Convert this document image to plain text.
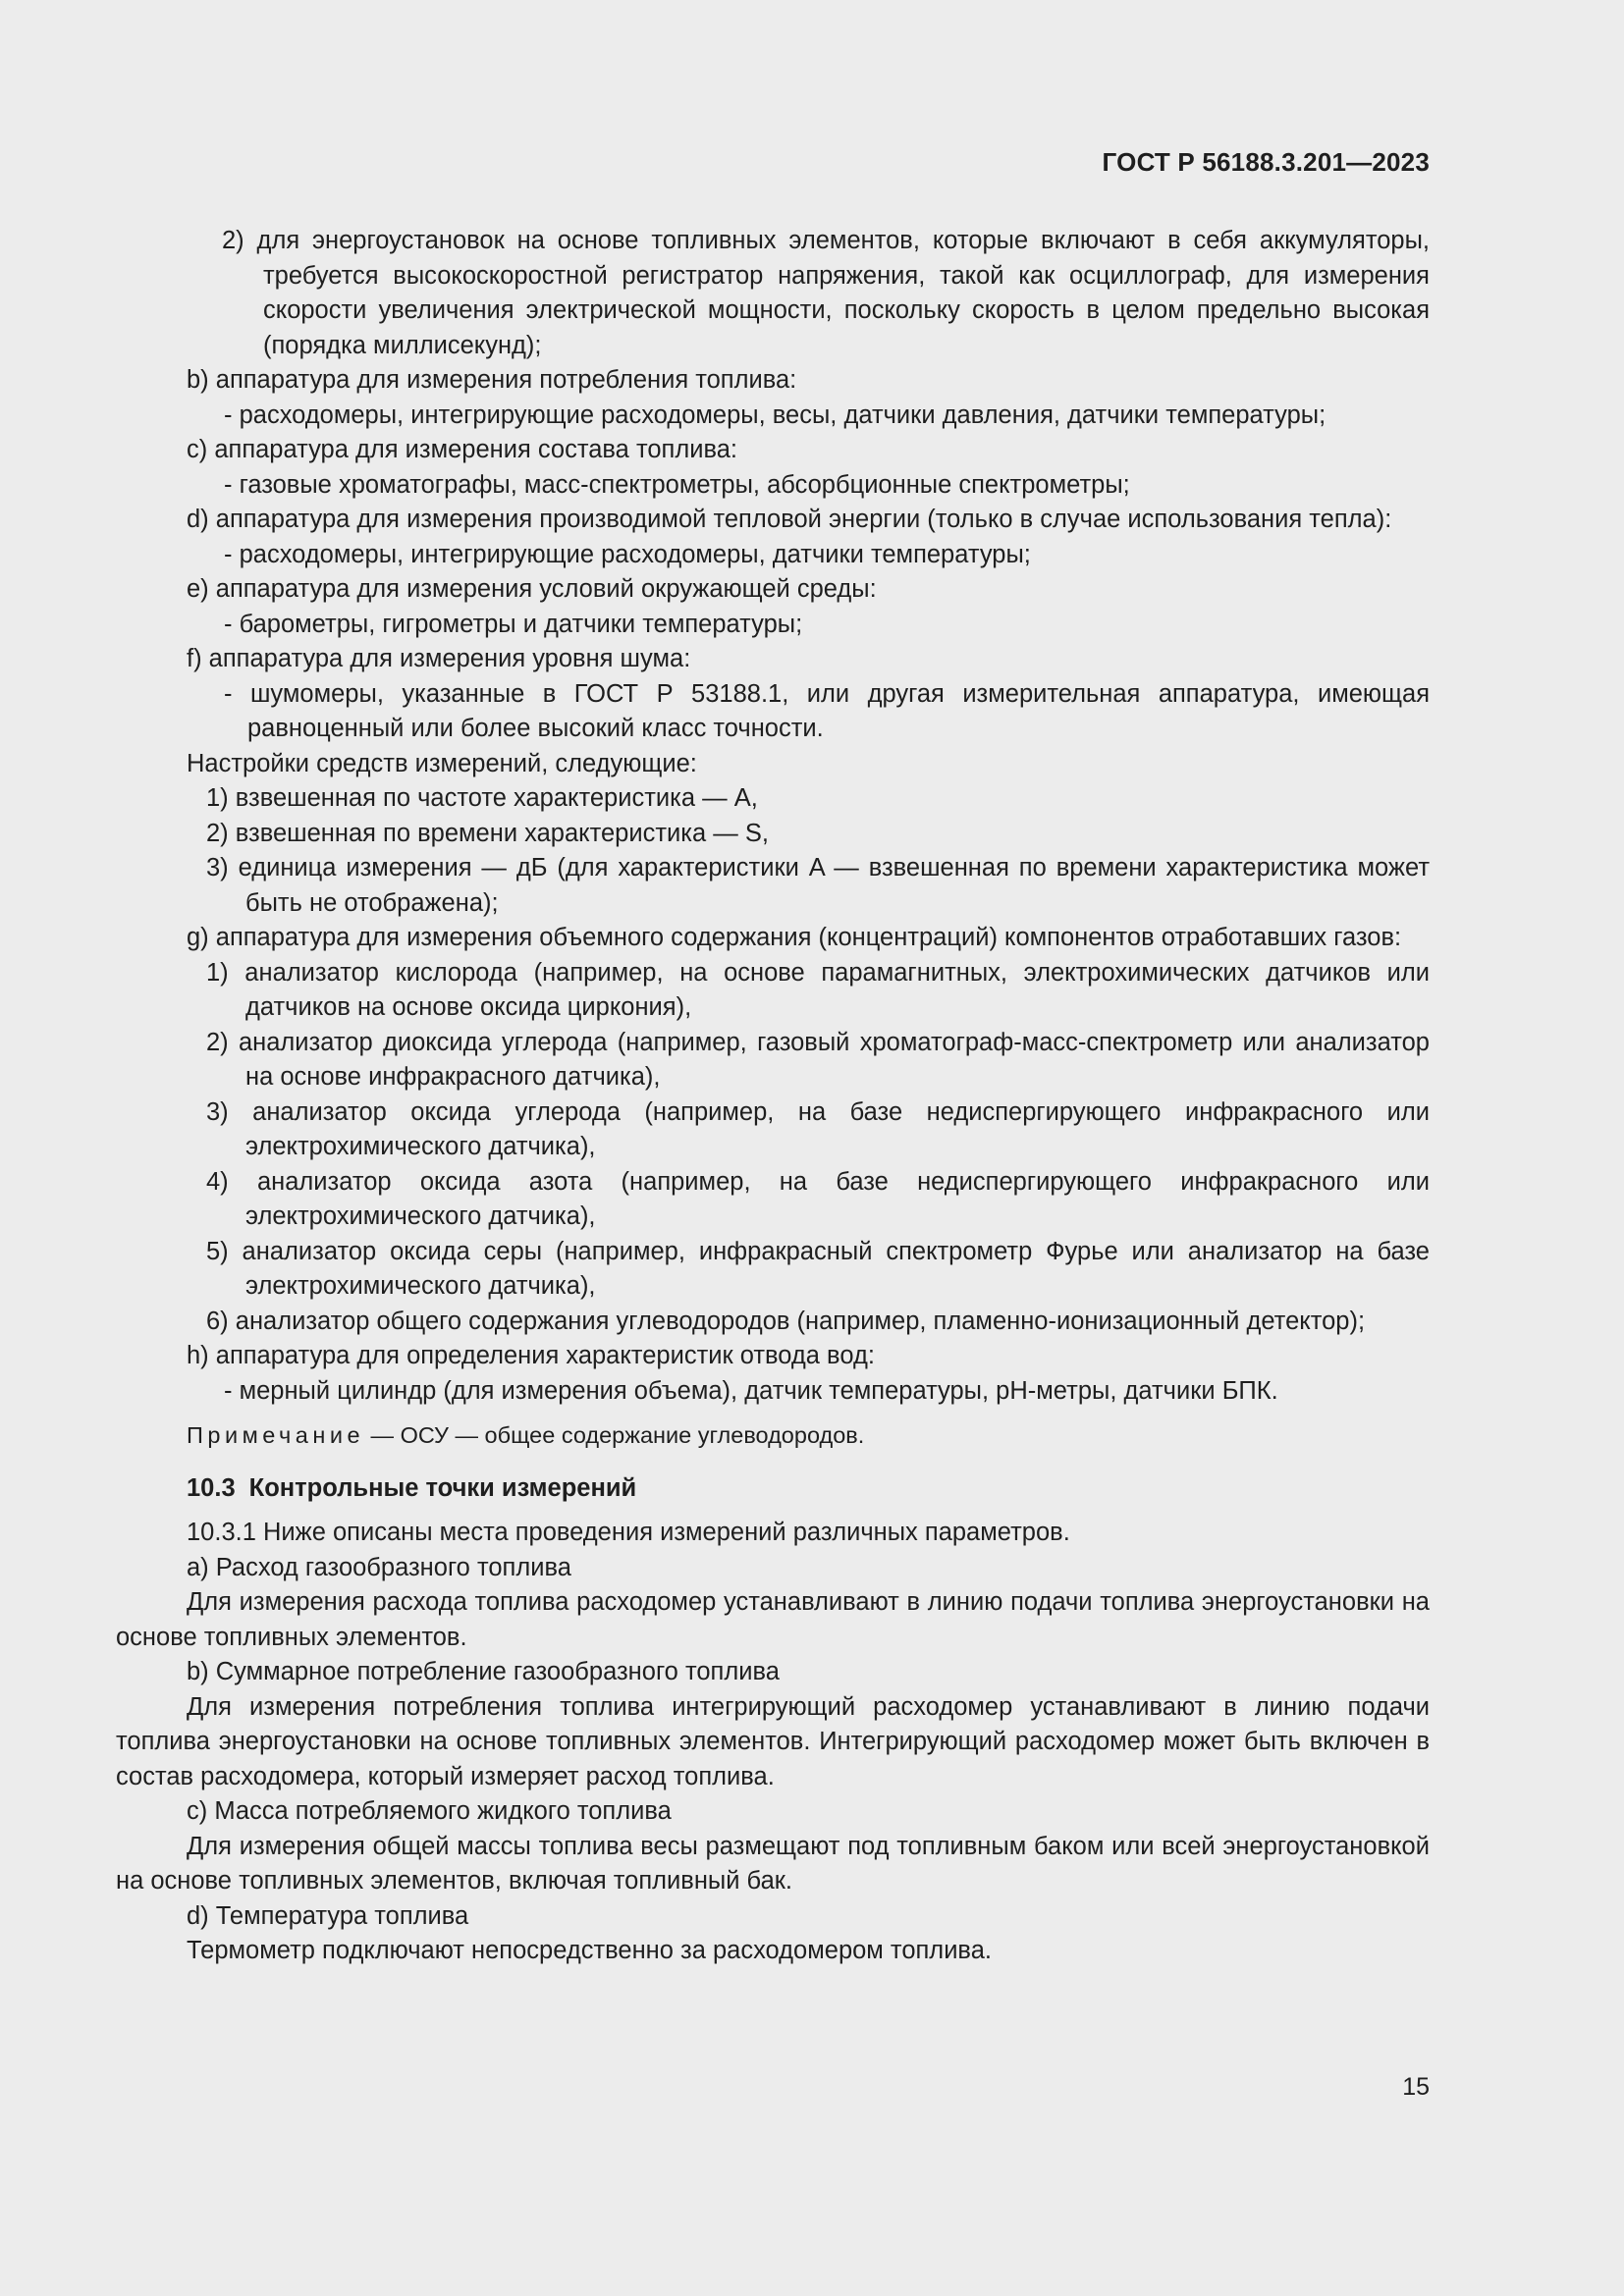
ГОСТ Р 56188.3.201—2023
2) для энергоустановок на основе топливных элементов, которые включают в себя аккумуляторы, требуется высокоскоростной регистратор напряжения, такой как осциллограф, для измерения скорости увеличения электрической мощности, поскольку скорость в целом предельно высокая (порядка миллисекунд);
b) аппаратура для измерения потребления топлива:
- расходомеры, интегрирующие расходомеры, весы, датчики давления, датчики температуры;
c) аппаратура для измерения состава топлива:
- газовые хроматографы, масс-спектрометры, абсорбционные спектрометры;
d) аппаратура для измерения производимой тепловой энергии (только в случае использования тепла):
- расходомеры, интегрирующие расходомеры, датчики температуры;
e) аппаратура для измерения условий окружающей среды:
- барометры, гигрометры и датчики температуры;
f) аппаратура для измерения уровня шума:
- шумомеры, указанные в ГОСТ Р 53188.1, или другая измерительная аппаратура, имеющая равноценный или более высокий класс точности.
Настройки средств измерений, следующие:
1) взвешенная по частоте характеристика — A,
2) взвешенная по времени характеристика — S,
3) единица измерения — дБ (для характеристики A — взвешенная по времени характеристика может быть не отображена);
g) аппаратура для измерения объемного содержания (концентраций) компонентов отработавших газов:
1) анализатор кислорода (например, на основе парамагнитных, электрохимических датчиков или датчиков на основе оксида циркония),
2) анализатор диоксида углерода (например, газовый хроматограф-масс-спектрометр или анализатор на основе инфракрасного датчика),
3) анализатор оксида углерода (например, на базе недиспергирующего инфракрасного или электрохимического датчика),
4) анализатор оксида азота (например, на базе недиспергирующего инфракрасного или электрохимического датчика),
5) анализатор оксида серы (например, инфракрасный спектрометр Фурье или анализатор на базе электрохимического датчика),
6) анализатор общего содержания углеводородов (например, пламенно-ионизационный детектор);
h) аппаратура для определения характеристик отвода вод:
- мерный цилиндр (для измерения объема), датчик температуры, pH-метры, датчики БПК.
Примечание — ОСУ — общее содержание углеводородов.
10.3 Контрольные точки измерений
10.3.1 Ниже описаны места проведения измерений различных параметров.
a) Расход газообразного топлива
Для измерения расхода топлива расходомер устанавливают в линию подачи топлива энергоустановки на основе топливных элементов.
b) Суммарное потребление газообразного топлива
Для измерения потребления топлива интегрирующий расходомер устанавливают в линию подачи топлива энергоустановки на основе топливных элементов. Интегрирующий расходомер может быть включен в состав расходомера, который измеряет расход топлива.
c) Масса потребляемого жидкого топлива
Для измерения общей массы топлива весы размещают под топливным баком или всей энергоустановкой на основе топливных элементов, включая топливный бак.
d) Температура топлива
Термометр подключают непосредственно за расходомером топлива.
15
